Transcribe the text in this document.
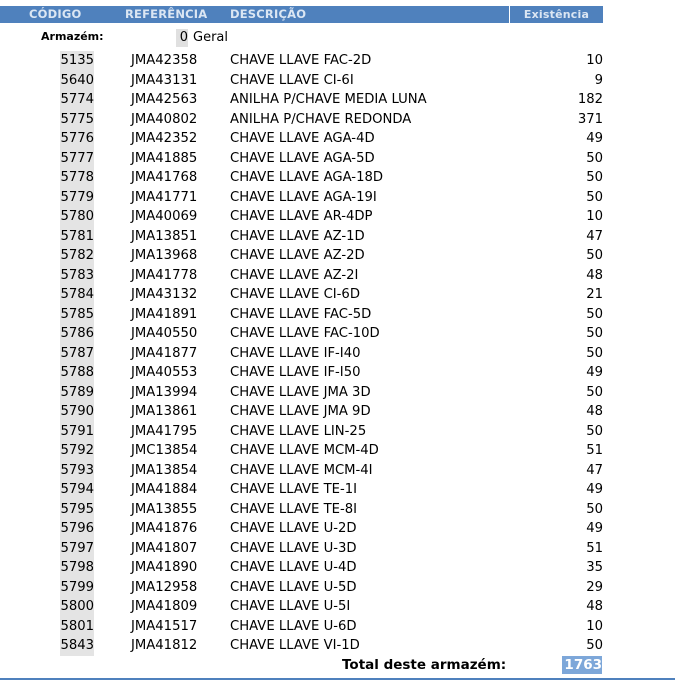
CÓDIGO	REFERÊNCIA DESCRIÇÃO	Existência
Armazém:	0 Geral
5135	JMA42358 CHAVE LLAVE FAC-2D	10
5640	JMA43131 CHAVE LLAVE CI-6I	9
5774	JMA42563 ANILHA P/CHAVE MEDIA LUNA	182
5775	JMA40802 ANILHA P/CHAVE REDONDA	371
5776	JMA42352 CHAVE LLAVE AGA-4D	49
5777	JMA41885 CHAVE LLAVE AGA-5D	50
5778	JMA41768 CHAVE LLAVE AGA-18D	50
5779	JMA41771 CHAVE LLAVE AGA-19I	50
5780	JMA40069 CHAVE LLAVE AR-4DP	10
5781	JMA13851 CHAVE LLAVE AZ-1D	47
5782	JMA13968 CHAVE LLAVE AZ-2D	50
5783	JMA41778 CHAVE LLAVE AZ-2I	48
5784	JMA43132 CHAVE LLAVE CI-6D	21
5785	JMA41891 CHAVE LLAVE FAC-5D	50
5786	JMA40550 CHAVE LLAVE FAC-10D	50
5787	JMA41877 CHAVE LLAVE IF-I40	50
5788	JMA40553 CHAVE LLAVE IF-I50	49
5789	JMA13994 CHAVE LLAVE JMA 3D	50
5790	JMA13861 CHAVE LLAVE JMA 9D	48
5791	JMA41795 CHAVE LLAVE LIN-25	50
5792	JMC13854 CHAVE LLAVE MCM-4D	51
5793	JMA13854 CHAVE LLAVE MCM-4I	47
5794	JMA41884 CHAVE LLAVE TE-1I	49
5795	JMA13855 CHAVE LLAVE TE-8I	50
5796	JMA41876 CHAVE LLAVE U-2D	49
5797	JMA41807 CHAVE LLAVE U-3D	51
5798	JMA41890 CHAVE LLAVE U-4D	35
5799	JMA12958 CHAVE LLAVE U-5D	29
5800	JMA41809 CHAVE LLAVE U-5I	48
5801	JMA41517 CHAVE LLAVE U-6D	10
5843	JMA41812 CHAVE LLAVE VI-1D	50
Total deste armazém:	1763
